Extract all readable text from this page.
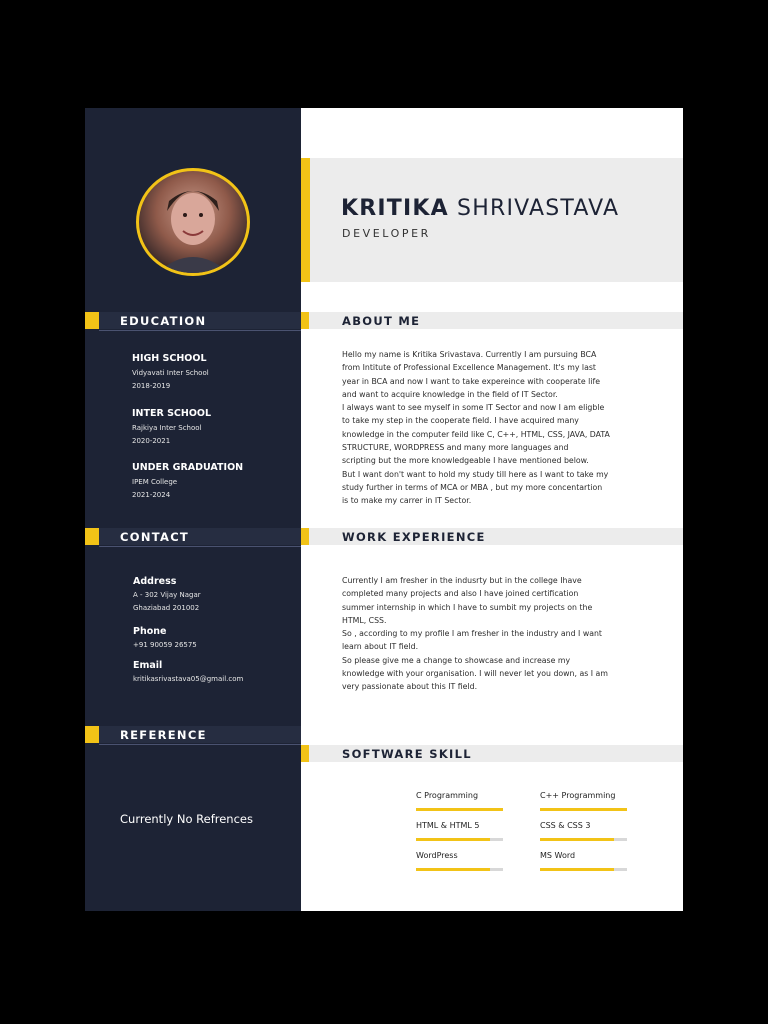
KRITIKA SHRIVASTAVA
DEVELOPER
EDUCATION
HIGH SCHOOL
Vidyavati Inter School
2018-2019
INTER SCHOOL
Rajkiya Inter School
2020-2021
UNDER GRADUATION
IPEM College
2021-2024
CONTACT
Address
A - 302 Vijay Nagar
Ghaziabad 201002
Phone
+91 90059 26575
Email
kritikasrivastava05@gmail.com
REFERENCE
Currently No Refrences
ABOUT ME
Hello my name is Kritika Srivastava. Currently I am pursuing BCA
from Intitute of Professional Excellence Management. It's my last
year in BCA and now I want to take expereince with cooperate life
and want to acquire knowledge in the field of IT Sector.
I always want to see myself in some IT Sector and now I am eligble
to take my step in the cooperate field. I have acquired many
knowledge in the computer feild like C, C++, HTML, CSS, JAVA, DATA
STRUCTURE, WORDPRESS and many more languages and
scripting but the more knowledgeable I have mentioned below.
But I want don't want to hold my study till here as I want to take my
study further in terms of MCA or MBA , but my more concentartion
is to make my carrer in IT Sector.
WORK EXPERIENCE
Currently I am fresher in the indusrty but in the college Ihave
completed many projects and also I have joined certification
summer internship in which I have to sumbit my projects on the
HTML, CSS.
So , according to my profile I am fresher in the industry and I want
learn about IT field.
So please give me a change to showcase and increase my
knowledge with your organisation. I will never let you down, as I am
very passionate about this IT field.
SOFTWARE SKILL
C Programming	C++ Programming
HTML & HTML 5	CSS & CSS 3
WordPress	MS Word
